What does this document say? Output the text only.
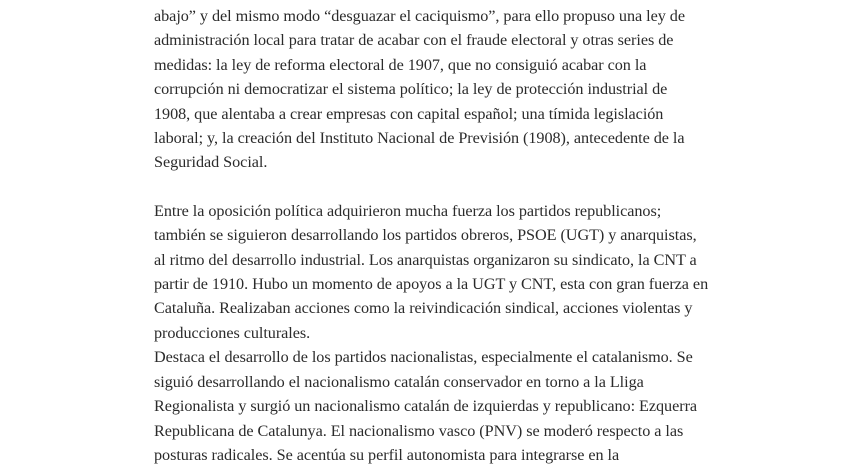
abajo” y del mismo modo “desguazar el caciquismo”, para ello propuso una ley de
administración local para tratar de acabar con el fraude electoral y otras series de
medidas: la ley de reforma electoral de 1907, que no consiguió acabar con la
corrupción ni democratizar el sistema político; la ley de protección industrial de
1908, que alentaba a crear empresas con capital español; una tímida legislación
laboral; y, la creación del Instituto Nacional de Previsión (1908), antecedente de la
Seguridad Social.

Entre la oposición política adquirieron mucha fuerza los partidos republicanos;
también se siguieron desarrollando los partidos obreros, PSOE (UGT) y anarquistas,
al ritmo del desarrollo industrial. Los anarquistas organizaron su sindicato, la CNT a
partir de 1910. Hubo un momento de apoyos a la UGT y CNT, esta con gran fuerza en
Cataluña. Realizaban acciones como la reivindicación sindical, acciones violentas y
producciones culturales.

Destaca el desarrollo de los partidos nacionalistas, especialmente el catalanismo. Se
siguió desarrollando el nacionalismo catalán conservador en torno a la Lliga
Regionalista y surgió un nacionalismo catalán de izquierdas y republicano: Ezquerra
Republicana de Catalunya. El nacionalismo vasco (PNV) se moderó respecto a las
posturas radicales. Se acentúa su perfil autonomista para integrarse en la
